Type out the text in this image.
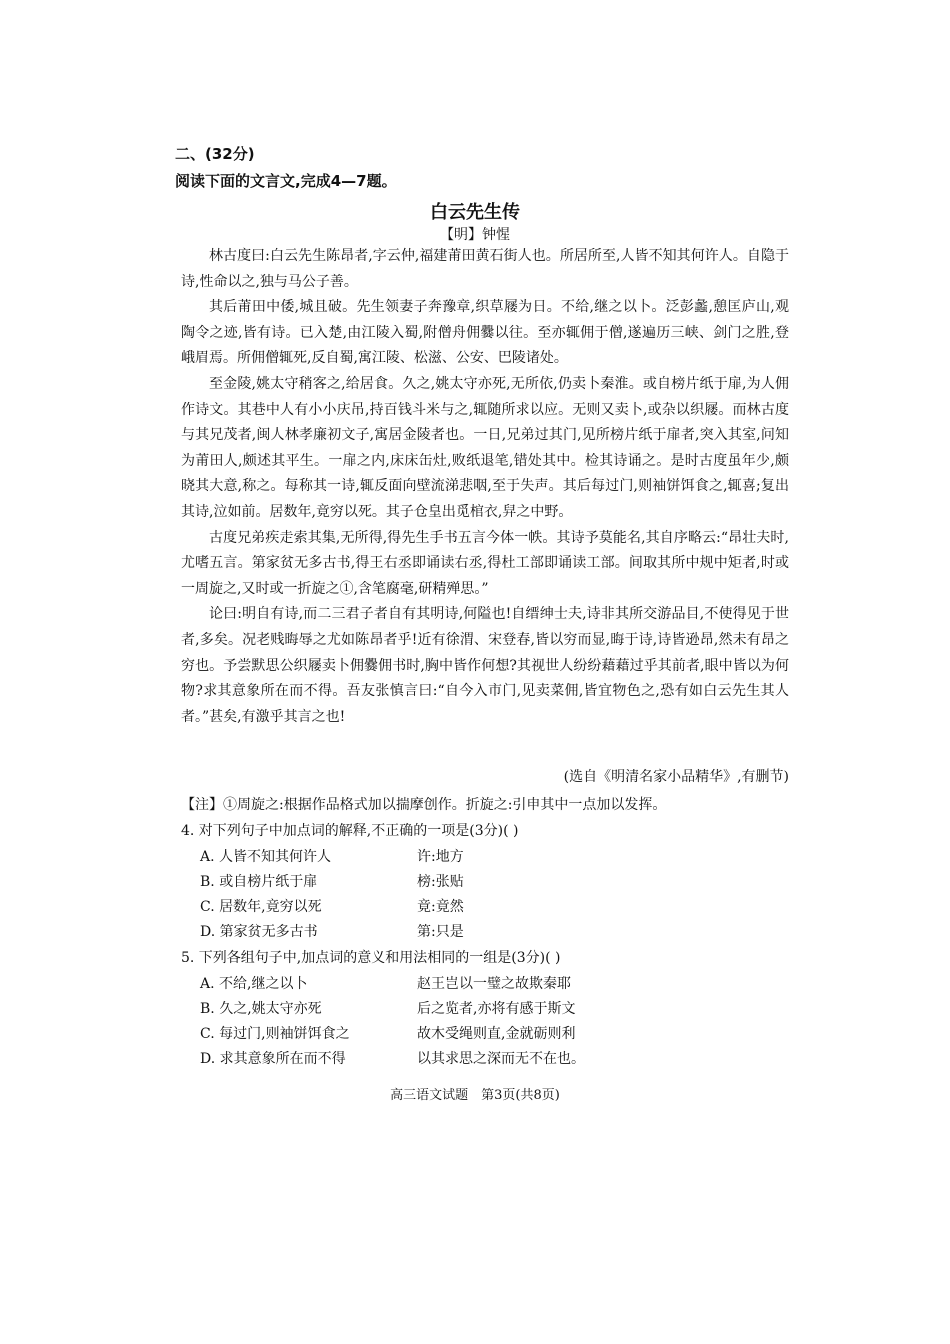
二、(32分)
阅读下面的文言文,完成4—7题。
白云先生传
【明】钟惺

林古度曰:白云先生陈昂者,字云仲,福建莆田黄石街人也。所居所至,人皆不知其何许人。自隐于诗,性命以之,独与马公子善。

其后莆田中倭,城且破。先生领妻子奔豫章,织草屦为日。不给,继之以卜。泛彭蠡,憩匡庐山,观陶令之迹,皆有诗。已入楚,由江陵入蜀,附僧舟佣爨以往。至亦辄佣于僧,遂遍历三峡、剑门之胜,登峨眉焉。所佣僧辄死,反自蜀,寓江陵、松滋、公安、巴陵诸处。

至金陵,姚太守稍客之,给居食。久之,姚太守亦死,无所依,仍卖卜秦淮。或自榜片纸于扉,为人佣作诗文。其巷中人有小小庆吊,持百钱斗米与之,辄随所求以应。无则又卖卜,或杂以织屦。而林古度与其兄茂者,闽人林孝廉初文子,寓居金陵者也。一日,兄弟过其门,见所榜片纸于扉者,突入其室,问知为莆田人,颇述其平生。一扉之内,床床缶灶,败纸退笔,错处其中。检其诗诵之。是时古度虽年少,颇晓其大意,称之。每称其一诗,辄反面向壁流涕悲咽,至于失声。其后每过门,则袖饼饵食之,辄喜;复出其诗,泣如前。居数年,竟穷以死。其子仓皇出觅棺衣,舁之中野。

古度兄弟疾走索其集,无所得,得先生手书五言今体一帙。其诗予莫能名,其自序略云:“昂壮夫时,尤嗜五言。第家贫无多古书,得王右丞即诵读右丞,得杜工部即诵读工部。间取其所中规中矩者,时或一周旋之,又时或一折旋之①,含笔腐毫,研精殚思。”

论曰:明自有诗,而二三君子者自有其明诗,何隘也!自缙绅士夫,诗非其所交游品目,不使得见于世者,多矣。况老贱晦辱之尤如陈昂者乎!近有徐渭、宋登春,皆以穷而显,晦于诗,诗皆逊昂,然未有昂之穷也。予尝默思公织屦卖卜佣爨佣书时,胸中皆作何想?其视世人纷纷藉藉过乎其前者,眼中皆以为何物?求其意象所在而不得。吾友张慎言曰:“自今入市门,见卖菜佣,皆宜物色之,恐有如白云先生其人者。”甚矣,有激乎其言之也!

(选自《明清名家小品精华》,有删节)
【注】①周旋之:根据作品格式加以揣摩创作。折旋之:引申其中一点加以发挥。
4. 对下列句子中加点词的解释,不正确的一项是(3分)( )
A. 人皆不知其何许人	许:地方
B. 或自榜片纸于扉	榜:张贴
C. 居数年,竟穷以死	竟:竟然
D. 第家贫无多古书	第:只是
5. 下列各组句子中,加点词的意义和用法相同的一组是(3分)( )
A. 不给,继之以卜	赵王岂以一璧之故欺秦耶
B. 久之,姚太守亦死	后之览者,亦将有感于斯文
C. 每过门,则袖饼饵食之	故木受绳则直,金就砺则利
D. 求其意象所在而不得	以其求思之深而无不在也。
高三语文试题　第3页(共8页)
